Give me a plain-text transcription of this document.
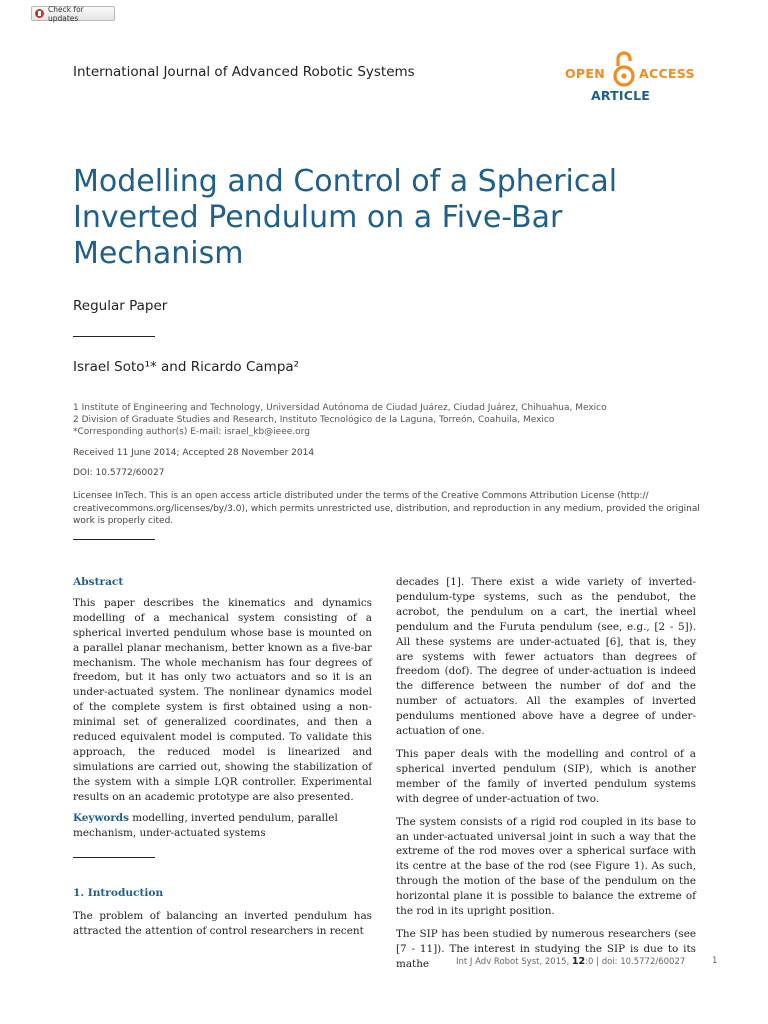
Check for updates
International Journal of Advanced Robotic Systems	OPEN	ACCESS
ARTICLE
Modelling and Control of a Spherical
Inverted Pendulum on a Five-Bar
Mechanism
Regular Paper
Israel Soto¹* and Ricardo Campa²
1 Institute of Engineering and Technology, Universidad Autónoma de Ciudad Juárez, Ciudad Juárez, Chihuahua, Mexico
2 Division of Graduate Studies and Research, Instituto Tecnológico de la Laguna, Torreón, Coahuila, Mexico
*Corresponding author(s) E-mail: israel_kb@ieee.org
Received 11 June 2014; Accepted 28 November 2014
DOI: 10.5772/60027
Licensee InTech. This is an open access article distributed under the terms of the Creative Commons Attribution License (http:// creativecommons.org/licenses/by/3.0), which permits unrestricted use, distribution, and reproduction in any medium, provided the original work is properly cited.
Abstract

This paper describes the kinematics and dynamics modelling of a mechanical system consisting of a spherical inverted pendulum whose base is mounted on a parallel planar mechanism, better known as a five-bar mechanism. The whole mechanism has four degrees of freedom, but it has only two actuators and so it is an under-actuated system. The nonlinear dynamics model of the complete system is first obtained using a non-minimal set of generalized coordinates, and then a reduced equivalent model is computed. To validate this approach, the reduced model is linearized and simulations are carried out, showing the stabilization of the system with a simple LQR controller. Experimental results on an academic prototype are also presented.

Keywords modelling, inverted pendulum, parallel mechanism, under-actuated systems

1. Introduction

The problem of balancing an inverted pendulum has attracted the attention of control researchers in recent

decades [1]. There exist a wide variety of inverted-pendulum-type systems, such as the pendubot, the acrobot, the pendulum on a cart, the inertial wheel pendulum and the Furuta pendulum (see, e.g., [2 - 5]). All these systems are under-actuated [6], that is, they are systems with fewer actuators than degrees of freedom (dof). The degree of under-actuation is indeed the difference between the number of dof and the number of actuators. All the examples of inverted pendulums mentioned above have a degree of under-actuation of one.

This paper deals with the modelling and control of a spherical inverted pendulum (SIP), which is another member of the family of inverted pendulum systems with degree of under-actuation of two.

The system consists of a rigid rod coupled in its base to an under-actuated universal joint in such a way that the extreme of the rod moves over a spherical surface with its centre at the base of the rod (see Figure 1). As such, through the motion of the base of the pendulum on the horizontal plane it is possible to balance the extreme of the rod in its upright position.

The SIP has been studied by numerous researchers (see [7 - 11]). The interest in studying the SIP is due to its mathe	Int J Adv Robot Syst, 2015, 12:0 | doi: 10.5772/60027	1
